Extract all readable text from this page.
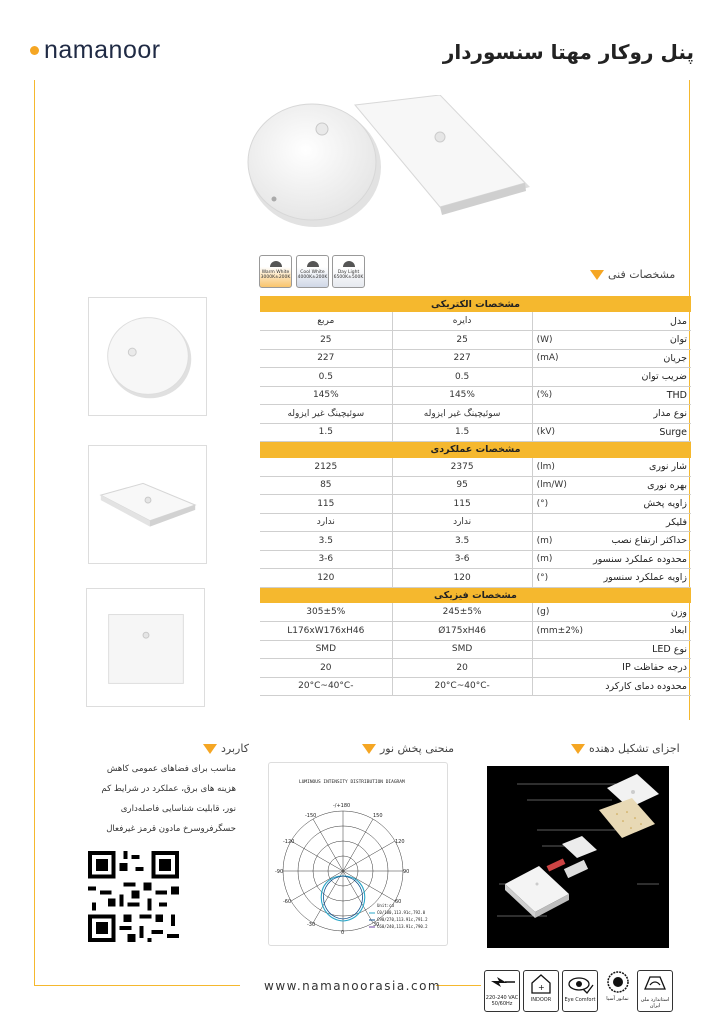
namanoor	پنل روکار مهتا سنسوردار
Warm White
3000K±200K
Cool White
4000K±200K
Day Light
6500K±500K	مشخصات فنی
مشخصات الکتریکی			
مدل		دایره	مربع
توان	(W)	25	25
جریان	(mA)	227	227
ضریب توان		0.5	0.5
THD	(%)	145%	145%
نوع مدار		سوئیچینگ غیر ایزوله	سوئیچینگ غیر ایزوله
Surge	(kV)	1.5	1.5
مشخصات عملکردی			
شار نوری	(lm)	2375	2125
بهره نوری	(lm/W)	95	85
زاویه پخش	(°)	115	115
فلیکر		ندارد	ندارد
حداکثر ارتفاع نصب	(m)	3.5	3.5
محدوده عملکرد سنسور	(m)	3-6	3-6
زاویه عملکرد سنسور	(°)	120	120
مشخصات فیزیکی			
وزن	(g)	245±5%	305±5%
ابعاد	(mm±2%)	Ø175xH46	L176xW176xH46
نوع LED		SMD	SMD
درجه حفاظت IP		20	20
محدوده دمای کارکرد		-20°C~40°C	-20°C~40°C
کاربرد	منحنی پخش نور	اجزای تشکیل دهنده
مناسب برای فضاهای عمومی کاهش هزینه های برق، عملکرد در شرایط کم نور، قابلیت شناسایی فاصله‌داری حسگرفروسرخ مادون قرمز غیرفعال
LUMINOUS INTENSITY DISTRIBUTION DIAGRAM
-/+180
-150	150
-120	120
-90	90
-60	60
-30	30
0
Unit:cd
C0/180,113.91c,792.0
C90/270,113.91c,791.2
C60/240,113.91c,790.2
www.namanoorasia.com
220-240 VAC 50/60Hz
+
INDOOR	Eye Comfort	نمانور آسیا	استاندارد ملی ایران
